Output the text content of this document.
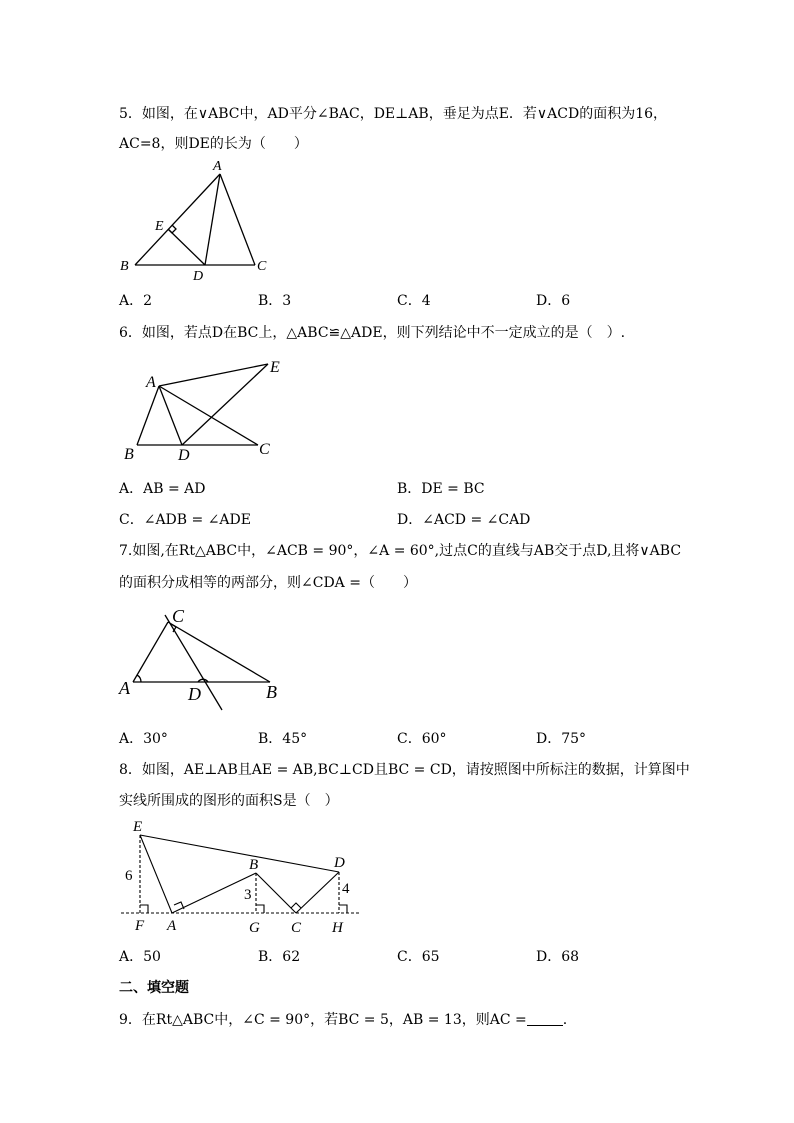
5．如图，在∨ABC中，AD平分∠BAC，DE⊥AB，垂足为点E．若∨ACD的面积为16，
AC=8，则DE的长为（　　）
A
E
B
D
C
A．2	B．3	C．4	D．6
6．如图，若点D在BC上，△ABC≌△ADE，则下列结论中不一定成立的是（　）.
A
E
B	D	C
A．AB = AD	B．DE = BC
C．∠ADB = ∠ADE	D．∠ACD = ∠CAD
7.如图,在Rt△ABC中，∠ACB = 90°，∠A = 60°,过点C的直线与AB交于点D,且将∨ABC
的面积分成相等的两部分，则∠CDA =（　　）
C
A	D	B
A．30°	B．45°	C．60°	D．75°
8．如图，AE⊥AB且AE = AB,BC⊥CD且BC = CD，请按照图中所标注的数据，计算图中
实线所围成的图形的面积S是（　）
E
B	D
6
3	4
F A	G C H
A．50	B．62	C．65	D．68
二、填空题
9．在Rt△ABC中，∠C = 90°，若BC = 5，AB = 13，则AC =	.
